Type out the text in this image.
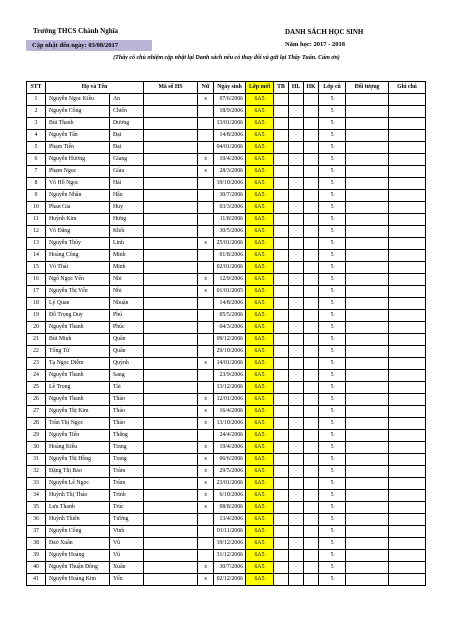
Trường THCS Chánh Nghĩa
Cập nhật đến ngày: 03/08/2017
DANH SÁCH HỌC SINH
Năm học: 2017 - 2018
(Thầy cô chủ nhiệm cập nhật lại Danh sách nếu có thay đổi và gửi lại Thầy Tuấn. Cám ơn)
STT	Họ và Tên		Mã số HS	Nữ	Ngày sinh	Lớp mới	TB	HL	HK	Lớp cũ	Đối tượng	Ghi chú
1	Nguyễn Ngọc Kiều	An		x	07/6/2006	6A5				5		
2	Nguyễn Công	Chiến			18/9/2006	6A5				5		
3	Bùi Thanh	Dương			13/01/2006	6A5				5		
4	Nguyễn Tấn	Đạt			14/8/2006	6A5				5		
5	Phạm Tiến	Đạt			04/01/2006	6A5				5		
6	Nguyễn Hương	Giang		x	10/4/2006	6A5				5		
7	Phạm Ngọc	Giàu		x	28/3/2006	6A5				5		
8	Võ Hồ Ngọc	Hải			19/10/2006	6A5				5		
9	Nguyễn Nhân	Hậu			30/7/2006	6A5				5		
10	Phan Gia	Huy			03/3/2006	6A5				5		
11	Huỳnh Kim	Hưng			11/8/2006	6A5				5		
12	Võ Đăng	Khôi			30/5/2006	6A5				5		
13	Nguyễn Thùy	Linh		x	25/01/2006	6A5				5		
14	Hoàng Công	Minh			01/8/2006	6A5				5		
15	Võ Thái	Minh			02/01/2006	6A5				5		
16	Ngô Ngọc Yến	Nhi		x	12/9/2006	6A5				5		
17	Nguyễn Thị Yến	Nhi		x	01/01/2005	6A5				5		
18	Lý Quan	Nhuận			14/8/2006	6A5				5		
19	Đỗ Trọng Duy	Phú			05/5/2006	6A5				5		
20	Nguyễn Thanh	Phúc			04/3/2006	6A5				5		
21	Bùi Minh	Quân			09/12/2006	6A5				5		
22	Tống Từ	Quân			29/10/2006	6A5				5		
23	Tạ Ngọc Diễm	Quỳnh		x	14/01/2006	6A5				5		
24	Nguyễn Thanh	Sang			23/9/2006	6A5				5		
25	Lê Trọng	Tài			13/12/2006	6A5				5		
26	Nguyễn Thanh	Thảo		x	12/01/2006	6A5				5		
27	Nguyễn Thị Kim	Thảo		x	16/4/2006	6A5				5		
28	Trần Thị Ngọc	Thảo		x	13/10/2006	6A5				5		
29	Nguyễn Tiến	Thắng			24/4/2006	6A5				5		
30	Hoàng Kiều	Trang		x	19/4/2006	6A5				5		
31	Nguyễn Thị Hồng	Trang		x	06/6/2006	6A5				5		
32	Đặng Thị Bảo	Trâm		x	29/5/2006	6A5				5		
33	Nguyễn Lê Ngọc	Trâm		x	23/01/2006	6A5				5		
34	Huỳnh Thị Thảo	Trinh		x	6/10/2006	6A5				5		
35	Lưu Thanh	Trúc		x	08/8/2006	6A5				5		
36	Huỳnh Thiên	Tường			13/4/2006	6A5				5		
37	Nguyễn Công	Vinh			01/11/2006	6A5				5		
38	Đào Xuân	Vũ			19/12/2006	6A5				5		
39	Nguyễn Hoàng	Vũ			31/12/2006	6A5				5		
40	Nguyễn Thuận Đông	Xuân		x	30/7/2006	6A5				5		
41	Nguyễn Hoàng Kim	Yến		x	02/12/2006	6A5				5		
